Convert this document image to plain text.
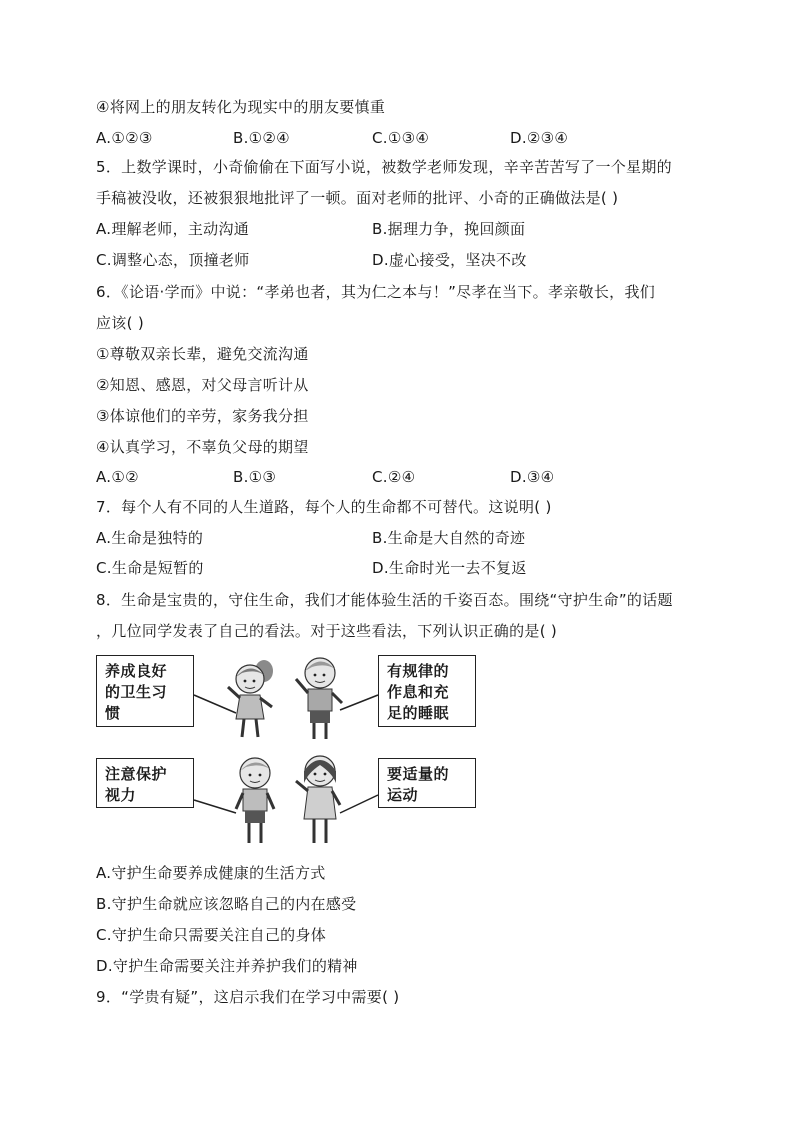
④将网上的朋友转化为现实中的朋友要慎重
A.①②③	B.①②④	C.①③④	D.②③④
5．上数学课时，小奇偷偷在下面写小说，被数学老师发现，辛辛苦苦写了一个星期的
手稿被没收，还被狠狠地批评了一顿。面对老师的批评、小奇的正确做法是( )
A.理解老师，主动沟通	B.据理力争，挽回颜面
C.调整心态，顶撞老师	D.虚心接受，坚决不改
6．《论语·学而》中说：“孝弟也者，其为仁之本与！”尽孝在当下。孝亲敬长，我们
应该( )
①尊敬双亲长辈，避免交流沟通
②知恩、感恩，对父母言听计从
③体谅他们的辛劳，家务我分担
④认真学习，不辜负父母的期望
A.①②	B.①③	C.②④	D.③④
7．每个人有不同的人生道路，每个人的生命都不可替代。这说明( )
A.生命是独特的	B.生命是大自然的奇迹
C.生命是短暂的	D.生命时光一去不复返
8．生命是宝贵的，守住生命，我们才能体验生活的千姿百态。围绕“守护生命”的话题
，几位同学发表了自己的看法。对于这些看法，下列认识正确的是( )
养成良好
的卫生习
惯
有规律的
作息和充
足的睡眠
注意保护
视力
要适量的
运动
A.守护生命要养成健康的生活方式
B.守护生命就应该忽略自己的内在感受
C.守护生命只需要关注自己的身体
D.守护生命需要关注并养护我们的精神
9．“学贵有疑”，这启示我们在学习中需要( )
